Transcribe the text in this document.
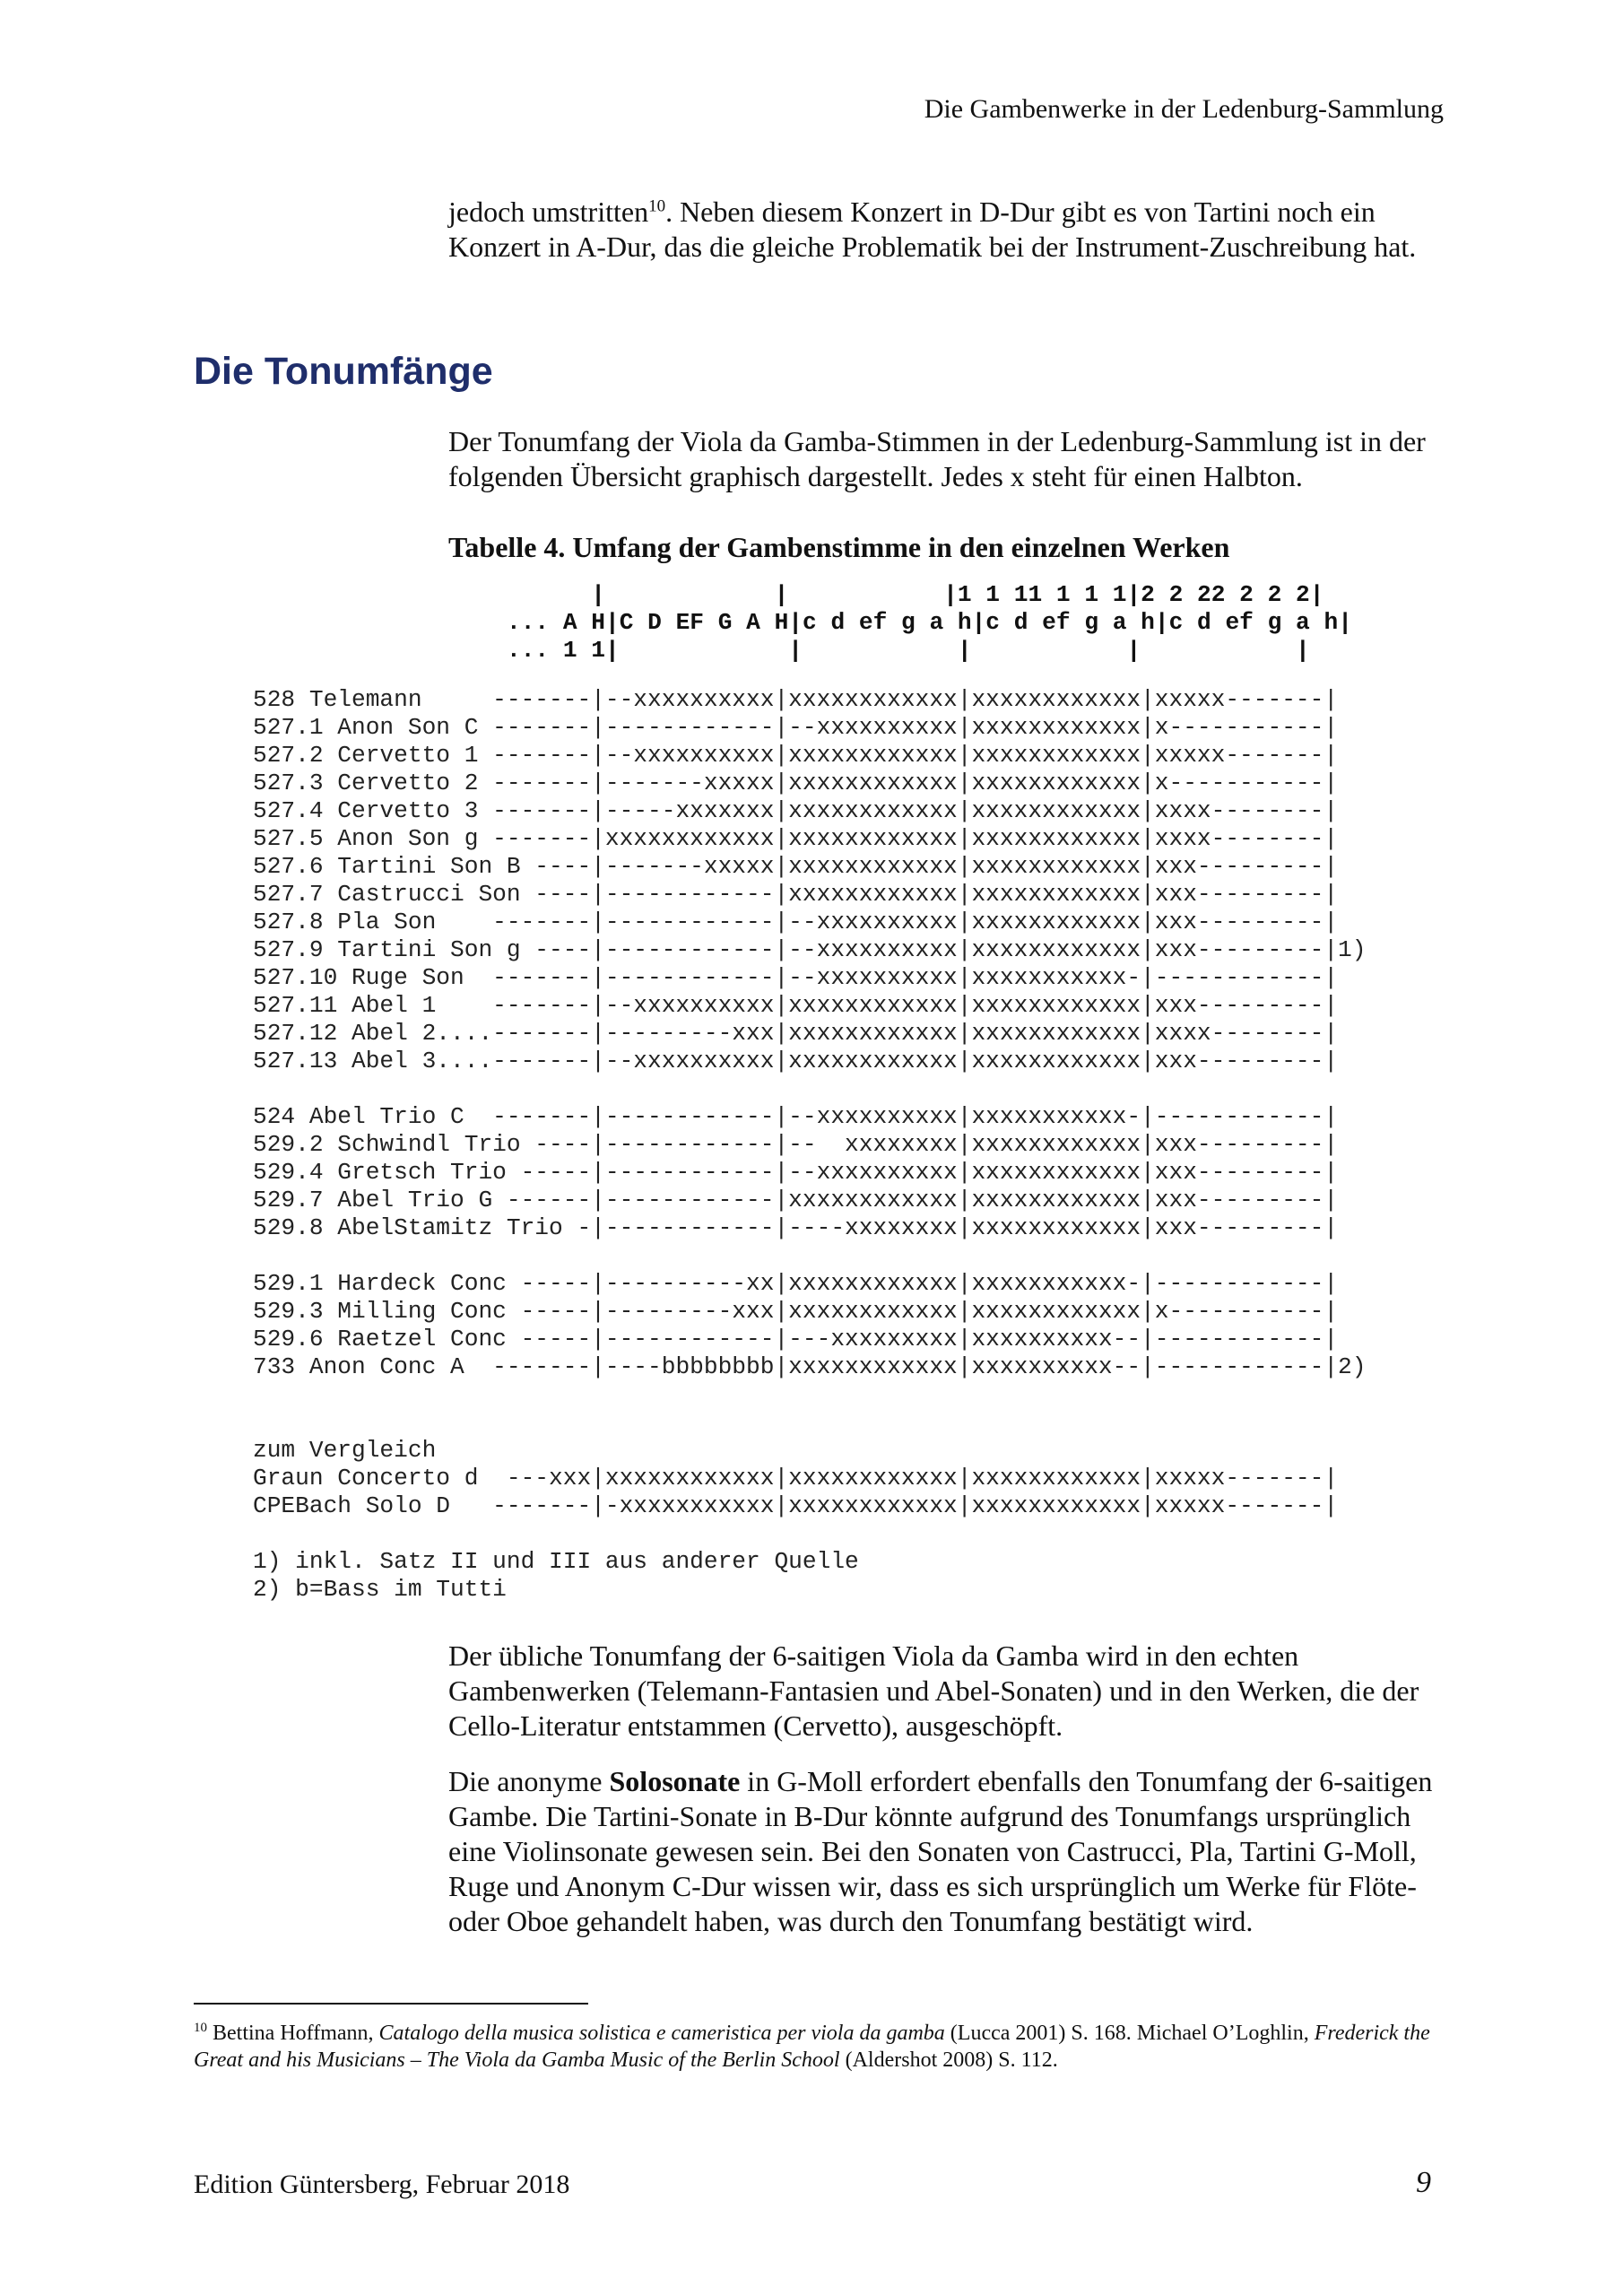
Die Gambenwerke in der Ledenburg-Sammlung

jedoch umstritten$^{10}$. Neben diesem Konzert in D-Dur gibt es von Tartini noch ein Konzert in A-Dur, das die gleiche Problematik bei der Instrument-Zuschreibung hat.

Die Tonumfänge

Der Tonumfang der Viola da Gamba-Stimmen in der Ledenburg-Sammlung ist in der folgenden Übersicht graphisch dargestellt. Jedes x steht für einen Halbton.

Tabelle 4. Umfang der Gambenstimme in den einzelnen Werken

|            |           |1 1 11 1 1 1|2 2 22 2 2 2|
... A H|C D EF G A H|c d ef g a h|c d ef g a h|c d ef g a h|
... 1 1|            |           |           |           |
528 Telemann     -------|--xxxxxxxxxx|xxxxxxxxxxxx|xxxxxxxxxxxx|xxxxx-------|
527.1 Anon Son C -------|------------|--xxxxxxxxxx|xxxxxxxxxxxx|x-----------|
527.2 Cervetto 1 -------|--xxxxxxxxxx|xxxxxxxxxxxx|xxxxxxxxxxxx|xxxxx-------|
527.3 Cervetto 2 -------|-------xxxxx|xxxxxxxxxxxx|xxxxxxxxxxxx|x-----------|
527.4 Cervetto 3 -------|-----xxxxxxx|xxxxxxxxxxxx|xxxxxxxxxxxx|xxxx--------|
527.5 Anon Son g -------|xxxxxxxxxxxx|xxxxxxxxxxxx|xxxxxxxxxxxx|xxxx--------|
527.6 Tartini Son B ----|-------xxxxx|xxxxxxxxxxxx|xxxxxxxxxxxx|xxx---------|
527.7 Castrucci Son ----|------------|xxxxxxxxxxxx|xxxxxxxxxxxx|xxx---------|
527.8 Pla Son    -------|------------|--xxxxxxxxxx|xxxxxxxxxxxx|xxx---------|
527.9 Tartini Son g ----|------------|--xxxxxxxxxx|xxxxxxxxxxxx|xxx---------|1)
527.10 Ruge Son  -------|------------|--xxxxxxxxxx|xxxxxxxxxxx-|------------|
527.11 Abel 1    -------|--xxxxxxxxxx|xxxxxxxxxxxx|xxxxxxxxxxxx|xxx---------|
527.12 Abel 2....-------|---------xxx|xxxxxxxxxxxx|xxxxxxxxxxxx|xxxx--------|
527.13 Abel 3....-------|--xxxxxxxxxx|xxxxxxxxxxxx|xxxxxxxxxxxx|xxx---------|
524 Abel Trio C  -------|------------|--xxxxxxxxxx|xxxxxxxxxxx-|------------|
529.2 Schwindl Trio ----|------------|--  xxxxxxxx|xxxxxxxxxxxx|xxx---------|
529.4 Gretsch Trio -----|------------|--xxxxxxxxxx|xxxxxxxxxxxx|xxx---------|
529.7 Abel Trio G ------|------------|xxxxxxxxxxxx|xxxxxxxxxxxx|xxx---------|
529.8 AbelStamitz Trio -|------------|----xxxxxxxx|xxxxxxxxxxxx|xxx---------|
529.1 Hardeck Conc -----|----------xx|xxxxxxxxxxxx|xxxxxxxxxxx-|------------|
529.3 Milling Conc -----|---------xxx|xxxxxxxxxxxx|xxxxxxxxxxxx|x-----------|
529.6 Raetzel Conc -----|------------|---xxxxxxxxx|xxxxxxxxxx--|------------|
733 Anon Conc A  -------|----bbbbbbbb|xxxxxxxxxxxx|xxxxxxxxxx--|------------|2)
zum Vergleich
Graun Concerto d  ---xxx|xxxxxxxxxxxx|xxxxxxxxxxxx|xxxxxxxxxxxx|xxxxx-------|
CPEBach Solo D   -------|-xxxxxxxxxxx|xxxxxxxxxxxx|xxxxxxxxxxxx|xxxxx-------|
1) inkl. Satz II und III aus anderer Quelle
2) b=Bass im Tutti

Der übliche Tonumfang der 6-saitigen Viola da Gamba wird in den echten Gambenwerken (Telemann-Fantasien und Abel-Sonaten) und in den Werken, die der Cello-Literatur entstammen (Cervetto), ausgeschöpft.

Die anonyme Solosonate in G-Moll erfordert ebenfalls den Tonumfang der 6-saitigen Gambe. Die Tartini-Sonate in B-Dur könnte aufgrund des Tonumfangs ursprünglich eine Violinsonate gewesen sein. Bei den Sonaten von Castrucci, Pla, Tartini G-Moll, Ruge und Anonym C-Dur wissen wir, dass es sich ursprünglich um Werke für Flöte- oder Oboe gehandelt haben, was durch den Tonumfang bestätigt wird.

$^{10}$ Bettina Hoffmann, Catalogo della musica solistica e cameristica per viola da gamba (Lucca 2001) S. 168. Michael O’Loghlin, Frederick the Great and his Musicians – The Viola da Gamba Music of the Berlin School (Aldershot 2008) S. 112.

Edition Güntersberg, Februar 2018	9
